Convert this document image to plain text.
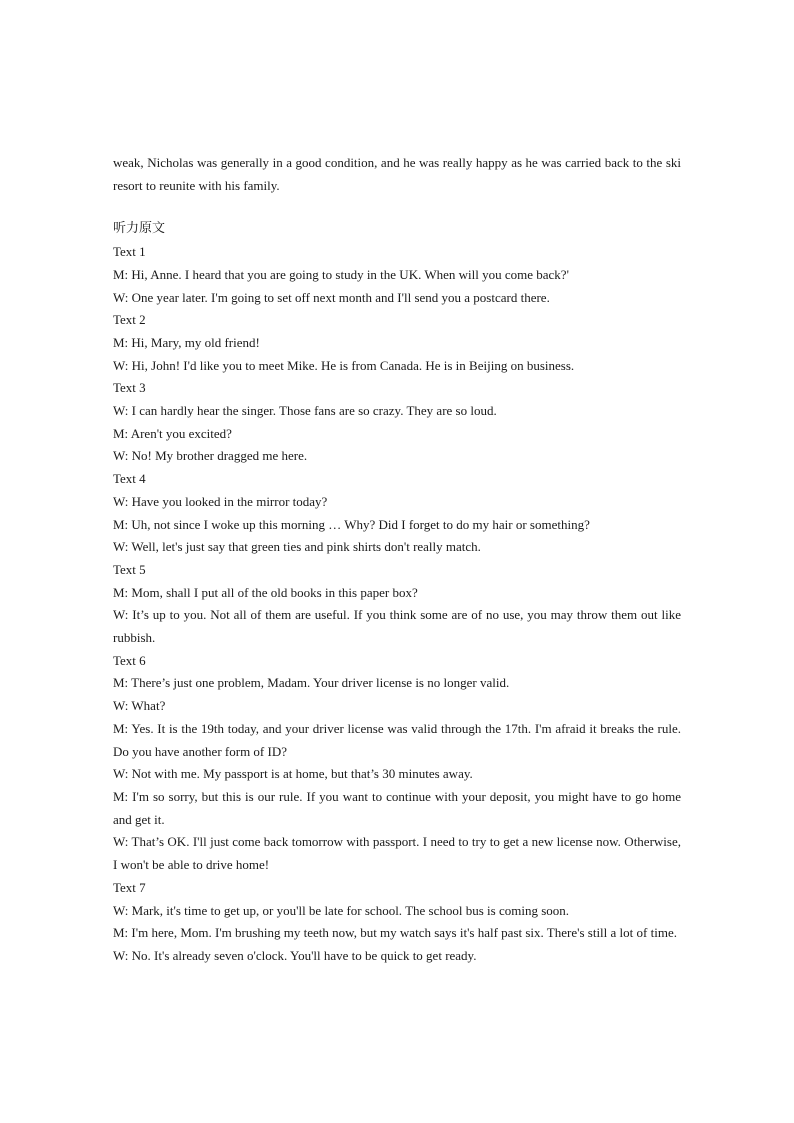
weak, Nicholas was generally in a good condition, and he was really happy as he was carried back to the ski resort to reunite with his family.

听力原文

Text 1

M: Hi, Anne. I heard that you are going to study in the UK. When will you come back?'

W: One year later. I'm going to set off next month and I'll send you a postcard there.

Text 2

M: Hi, Mary, my old friend!

W: Hi, John! I'd like you to meet Mike. He is from Canada. He is in Beijing on business.

Text 3

W: I can hardly hear the singer. Those fans are so crazy. They are so loud.

M: Aren't you excited?

W: No! My brother dragged me here.

Text 4

W: Have you looked in the mirror today?

M: Uh, not since I woke up this morning … Why? Did I forget to do my hair or something?

W: Well, let's just say that green ties and pink shirts don't really match.

Text 5

M: Mom, shall I put all of the old books in this paper box?

W: It’s up to you. Not all of them are useful. If you think some are of no use, you may throw them out like rubbish.

Text 6

M: There’s just one problem, Madam. Your driver license is no longer valid.

W: What?

M: Yes. It is the 19th today, and your driver license was valid through the 17th. I'm afraid it breaks the rule. Do you have another form of ID?

W: Not with me. My passport is at home, but that’s 30 minutes away.

M: I'm so sorry, but this is our rule. If you want to continue with your deposit, you might have to go home and get it.

W: That’s OK. I'll just come back tomorrow with passport. I need to try to get a new license now. Otherwise, I won't be able to drive home!

Text 7

W: Mark, it's time to get up, or you'll be late for school. The school bus is coming soon.

M: I'm here, Mom. I'm brushing my teeth now, but my watch says it's half past six. There's still a lot of time.

W: No. It's already seven o'clock. You'll have to be quick to get ready.
